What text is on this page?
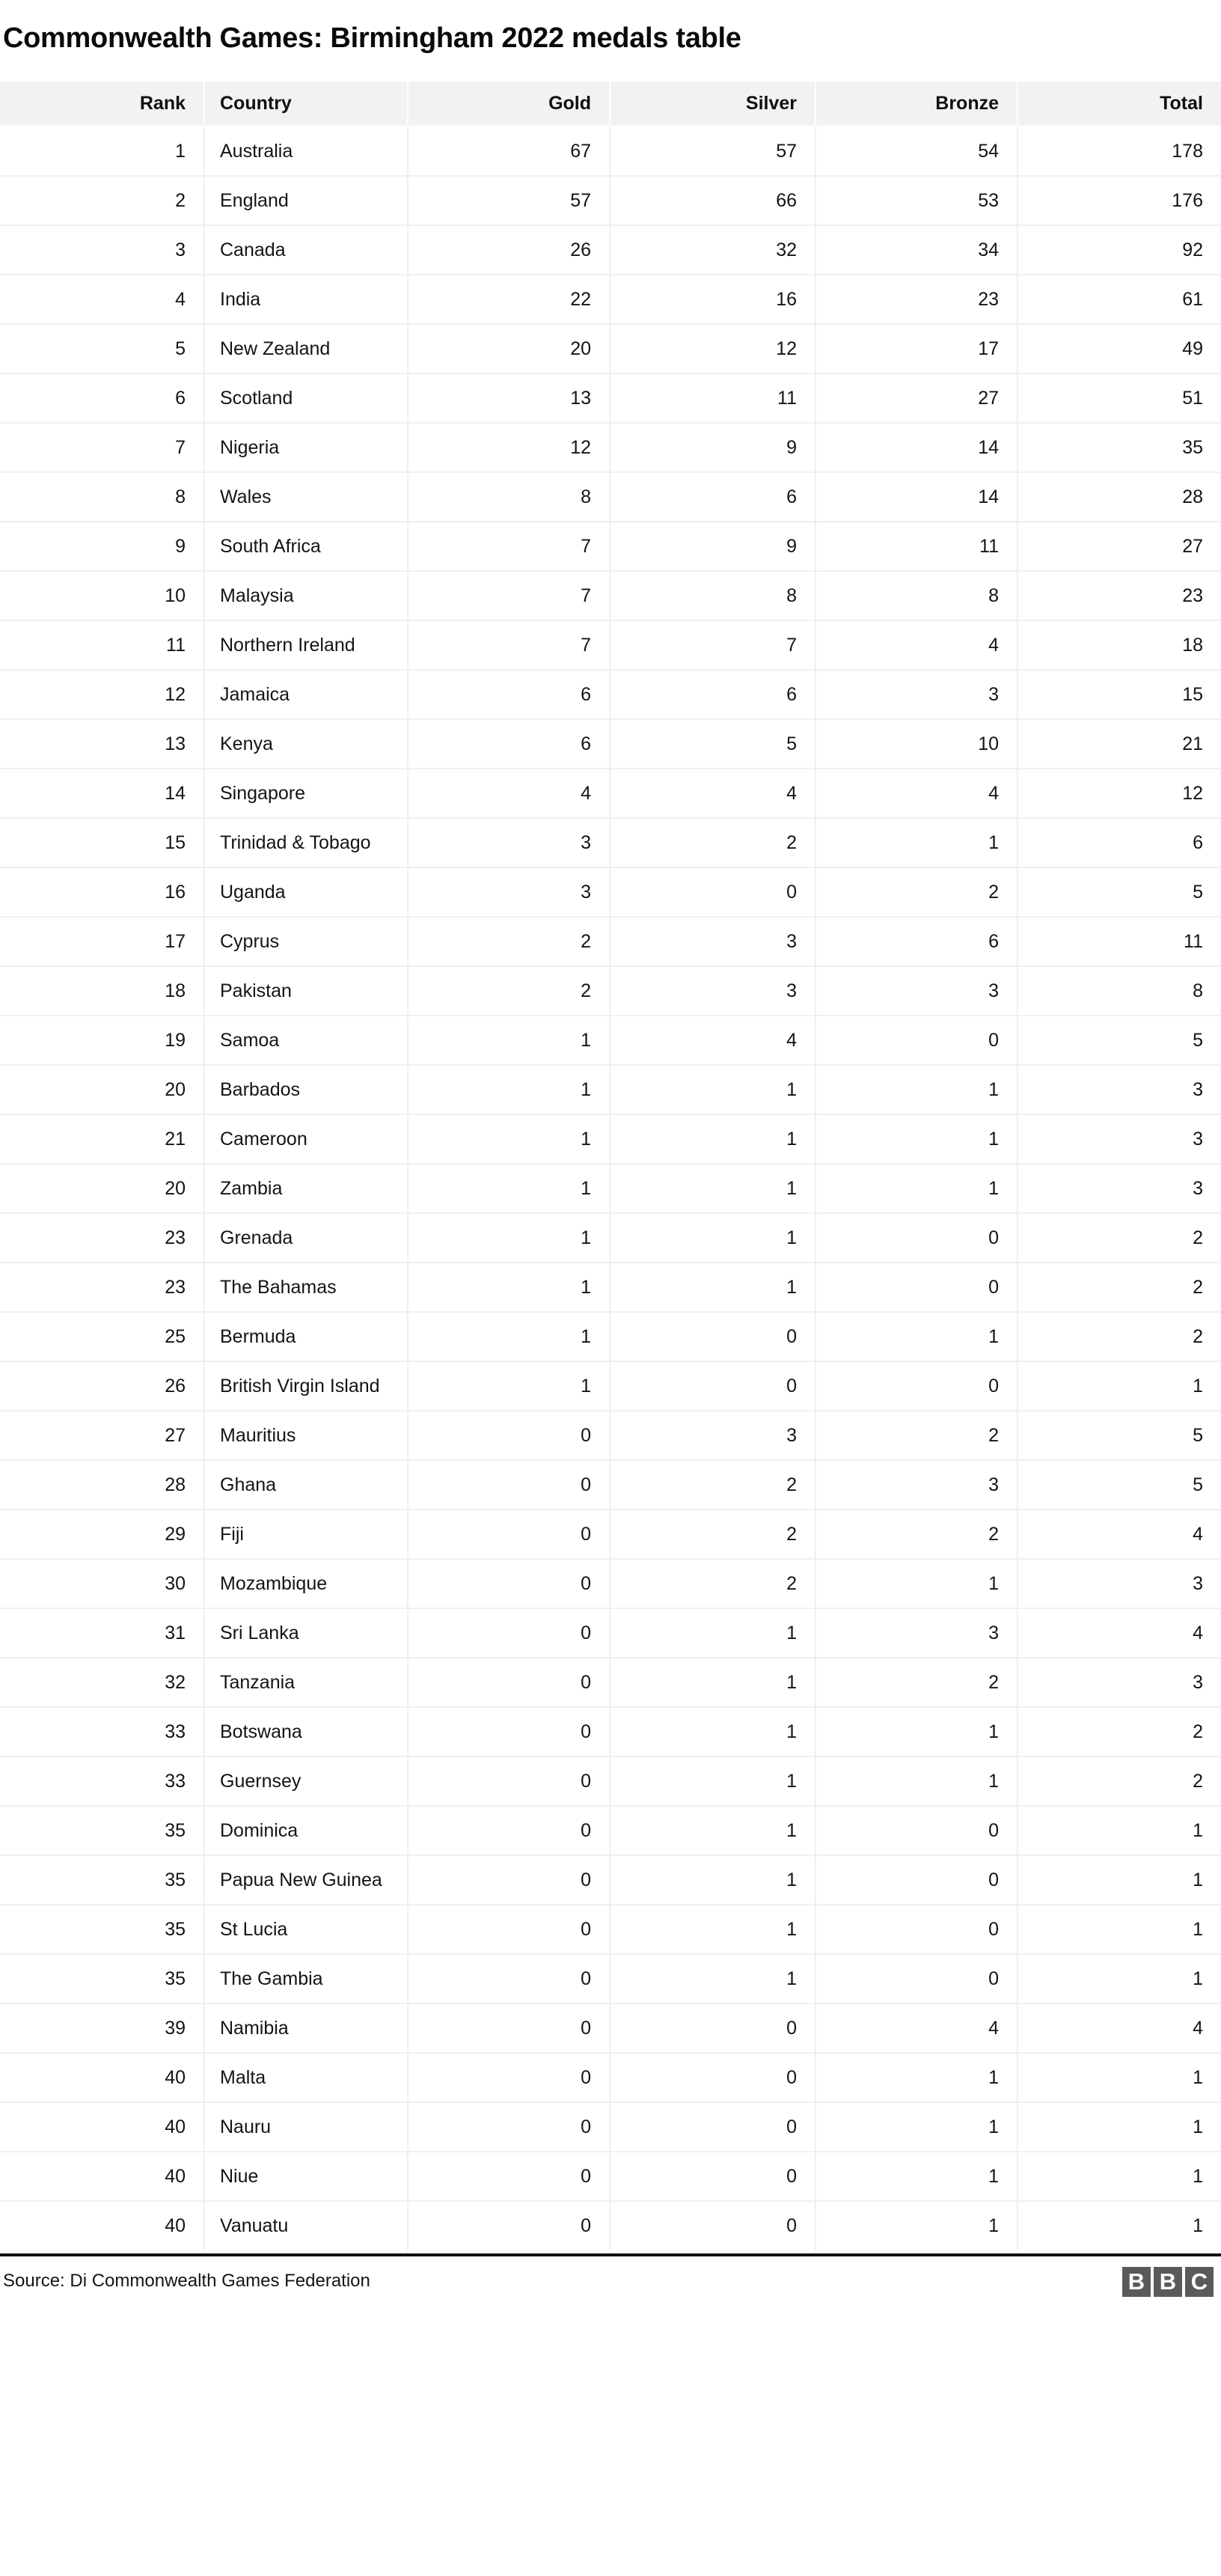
Commonwealth Games: Birmingham 2022 medals table
Rank	Country	Gold	Silver	Bronze	Total
1	Australia	67	57	54	178
2	England	57	66	53	176
3	Canada	26	32	34	92
4	India	22	16	23	61
5	New Zealand	20	12	17	49
6	Scotland	13	11	27	51
7	Nigeria	12	9	14	35
8	Wales	8	6	14	28
9	South Africa	7	9	11	27
10	Malaysia	7	8	8	23
11	Northern Ireland	7	7	4	18
12	Jamaica	6	6	3	15
13	Kenya	6	5	10	21
14	Singapore	4	4	4	12
15	Trinidad & Tobago	3	2	1	6
16	Uganda	3	0	2	5
17	Cyprus	2	3	6	11
18	Pakistan	2	3	3	8
19	Samoa	1	4	0	5
20	Barbados	1	1	1	3
21	Cameroon	1	1	1	3
20	Zambia	1	1	1	3
23	Grenada	1	1	0	2
23	The Bahamas	1	1	0	2
25	Bermuda	1	0	1	2
26	British Virgin Island	1	0	0	1
27	Mauritius	0	3	2	5
28	Ghana	0	2	3	5
29	Fiji	0	2	2	4
30	Mozambique	0	2	1	3
31	Sri Lanka	0	1	3	4
32	Tanzania	0	1	2	3
33	Botswana	0	1	1	2
33	Guernsey	0	1	1	2
35	Dominica	0	1	0	1
35	Papua New Guinea	0	1	0	1
35	St Lucia	0	1	0	1
35	The Gambia	0	1	0	1
39	Namibia	0	0	4	4
40	Malta	0	0	1	1
40	Nauru	0	0	1	1
40	Niue	0	0	1	1
40	Vanuatu	0	0	1	1
Source: Di Commonwealth Games Federation	B B C
